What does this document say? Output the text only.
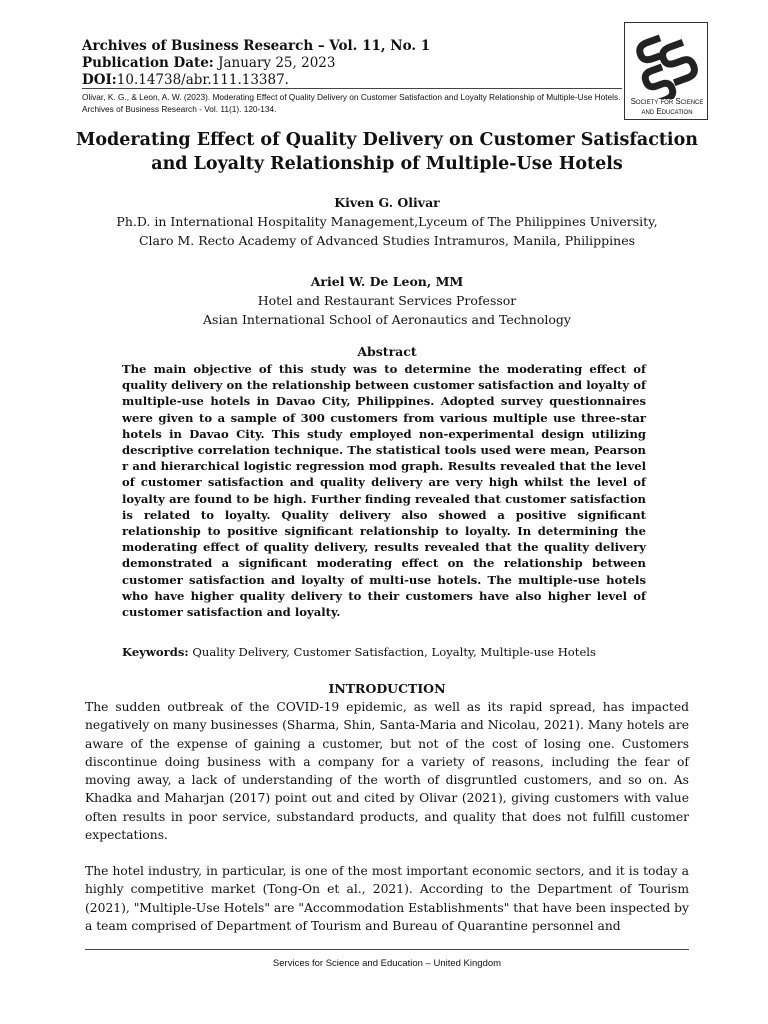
Archives of Business Research – Vol. 11, No. 1
Publication Date: January 25, 2023
DOI:10.14738/abr.111.13387.
Olivar, K. G., & Leon, A. W. (2023). Moderating Effect of Quality Delivery on Customer Satisfaction and Loyalty Relationship of Multiple-Use Hotels. Archives of Business Research - Vol. 11(1). 120-134.
Society for Science
and Education
Moderating Effect of Quality Delivery on Customer Satisfaction
and Loyalty Relationship of Multiple-Use Hotels
Kiven G. Olivar
Ph.D. in International Hospitality Management,Lyceum of The Philippines University,
Claro M. Recto Academy of Advanced Studies Intramuros, Manila, Philippines
Ariel W. De Leon, MM
Hotel and Restaurant Services Professor
Asian International School of Aeronautics and Technology
Abstract
The main objective of this study was to determine the moderating effect of quality delivery on the relationship between customer satisfaction and loyalty of multiple-use hotels in Davao City, Philippines. Adopted survey questionnaires were given to a sample of 300 customers from various multiple use three-star hotels in Davao City. This study employed non-experimental design utilizing descriptive correlation technique. The statistical tools used were mean, Pearson r and hierarchical logistic regression mod graph. Results revealed that the level of customer satisfaction and quality delivery are very high whilst the level of loyalty are found to be high. Further finding revealed that customer satisfaction is related to loyalty. Quality delivery also showed a positive significant relationship to positive significant relationship to loyalty. In determining the moderating effect of quality delivery, results revealed that the quality delivery demonstrated a significant moderating effect on the relationship between customer satisfaction and loyalty of multi-use hotels. The multiple-use hotels who have higher quality delivery to their customers have also higher level of customer satisfaction and loyalty.
Keywords: Quality Delivery, Customer Satisfaction, Loyalty, Multiple-use Hotels
INTRODUCTION
The sudden outbreak of the COVID-19 epidemic, as well as its rapid spread, has impacted negatively on many businesses (Sharma, Shin, Santa-Maria and Nicolau, 2021). Many hotels are aware of the expense of gaining a customer, but not of the cost of losing one. Customers discontinue doing business with a company for a variety of reasons, including the fear of moving away, a lack of understanding of the worth of disgruntled customers, and so on. As Khadka and Maharjan (2017) point out and cited by Olivar (2021), giving customers with value often results in poor service, substandard products, and quality that does not fulfill customer expectations.
The hotel industry, in particular, is one of the most important economic sectors, and it is today a highly competitive market (Tong-On et al., 2021). According to the Department of Tourism (2021), "Multiple-Use Hotels" are "Accommodation Establishments" that have been inspected by a team comprised of Department of Tourism and Bureau of Quarantine personnel and
Services for Science and Education – United Kingdom
